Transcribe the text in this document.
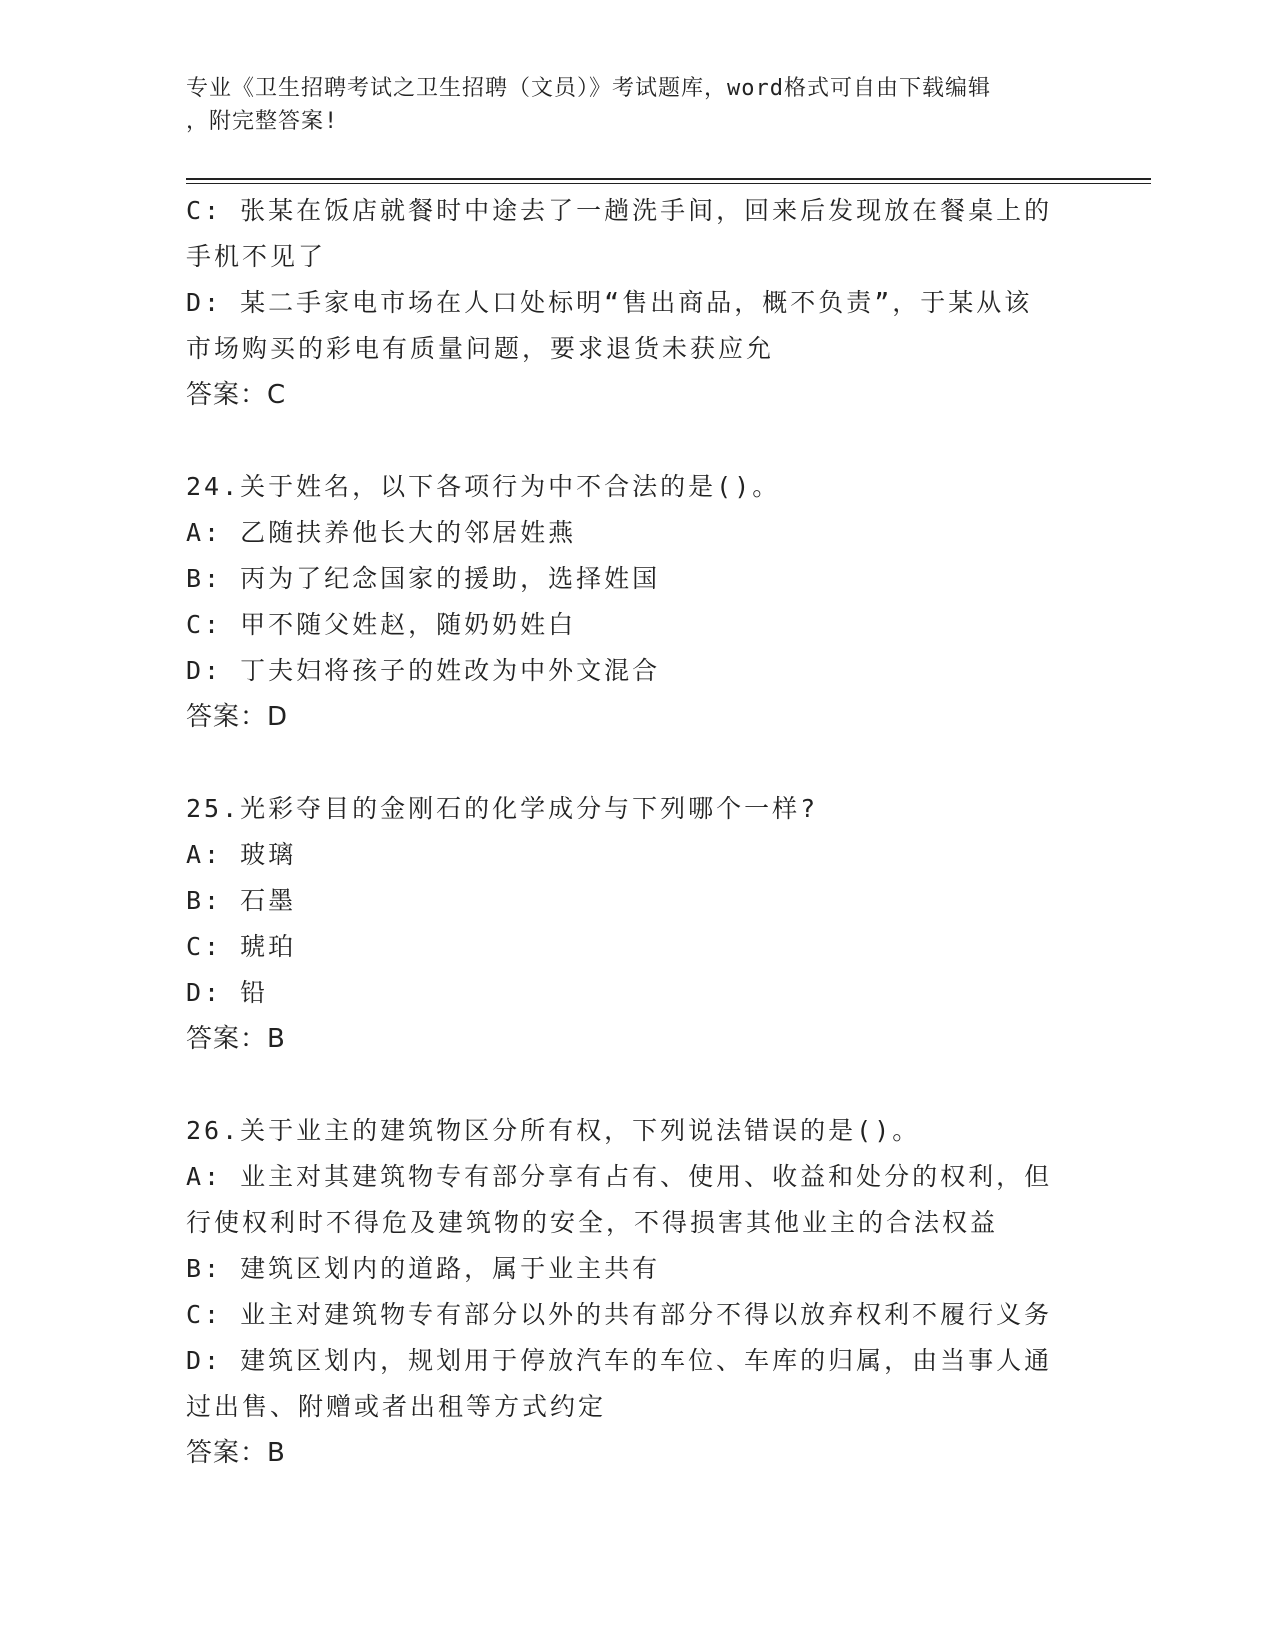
专业《卫生招聘考试之卫生招聘（文员）》考试题库，word格式可自由下载编辑
，附完整答案!
C: 张某在饭店就餐时中途去了一趟洗手间，回来后发现放在餐桌上的
手机不见了
D: 某二手家电市场在人口处标明“售出商品，概不负责”，于某从该
市场购买的彩电有质量问题，要求退货未获应允
答案：C
24.关于姓名，以下各项行为中不合法的是()。
A: 乙随扶养他长大的邻居姓燕
B: 丙为了纪念国家的援助，选择姓国
C: 甲不随父姓赵，随奶奶姓白
D: 丁夫妇将孩子的姓改为中外文混合
答案：D
25.光彩夺目的金刚石的化学成分与下列哪个一样?
A: 玻璃
B: 石墨
C: 琥珀
D: 铅
答案：B
26.关于业主的建筑物区分所有权，下列说法错误的是()。
A: 业主对其建筑物专有部分享有占有、使用、收益和处分的权利，但
行使权利时不得危及建筑物的安全，不得损害其他业主的合法权益
B: 建筑区划内的道路，属于业主共有
C: 业主对建筑物专有部分以外的共有部分不得以放弃权利不履行义务
D: 建筑区划内，规划用于停放汽车的车位、车库的归属，由当事人通
过出售、附赠或者出租等方式约定
答案：B
